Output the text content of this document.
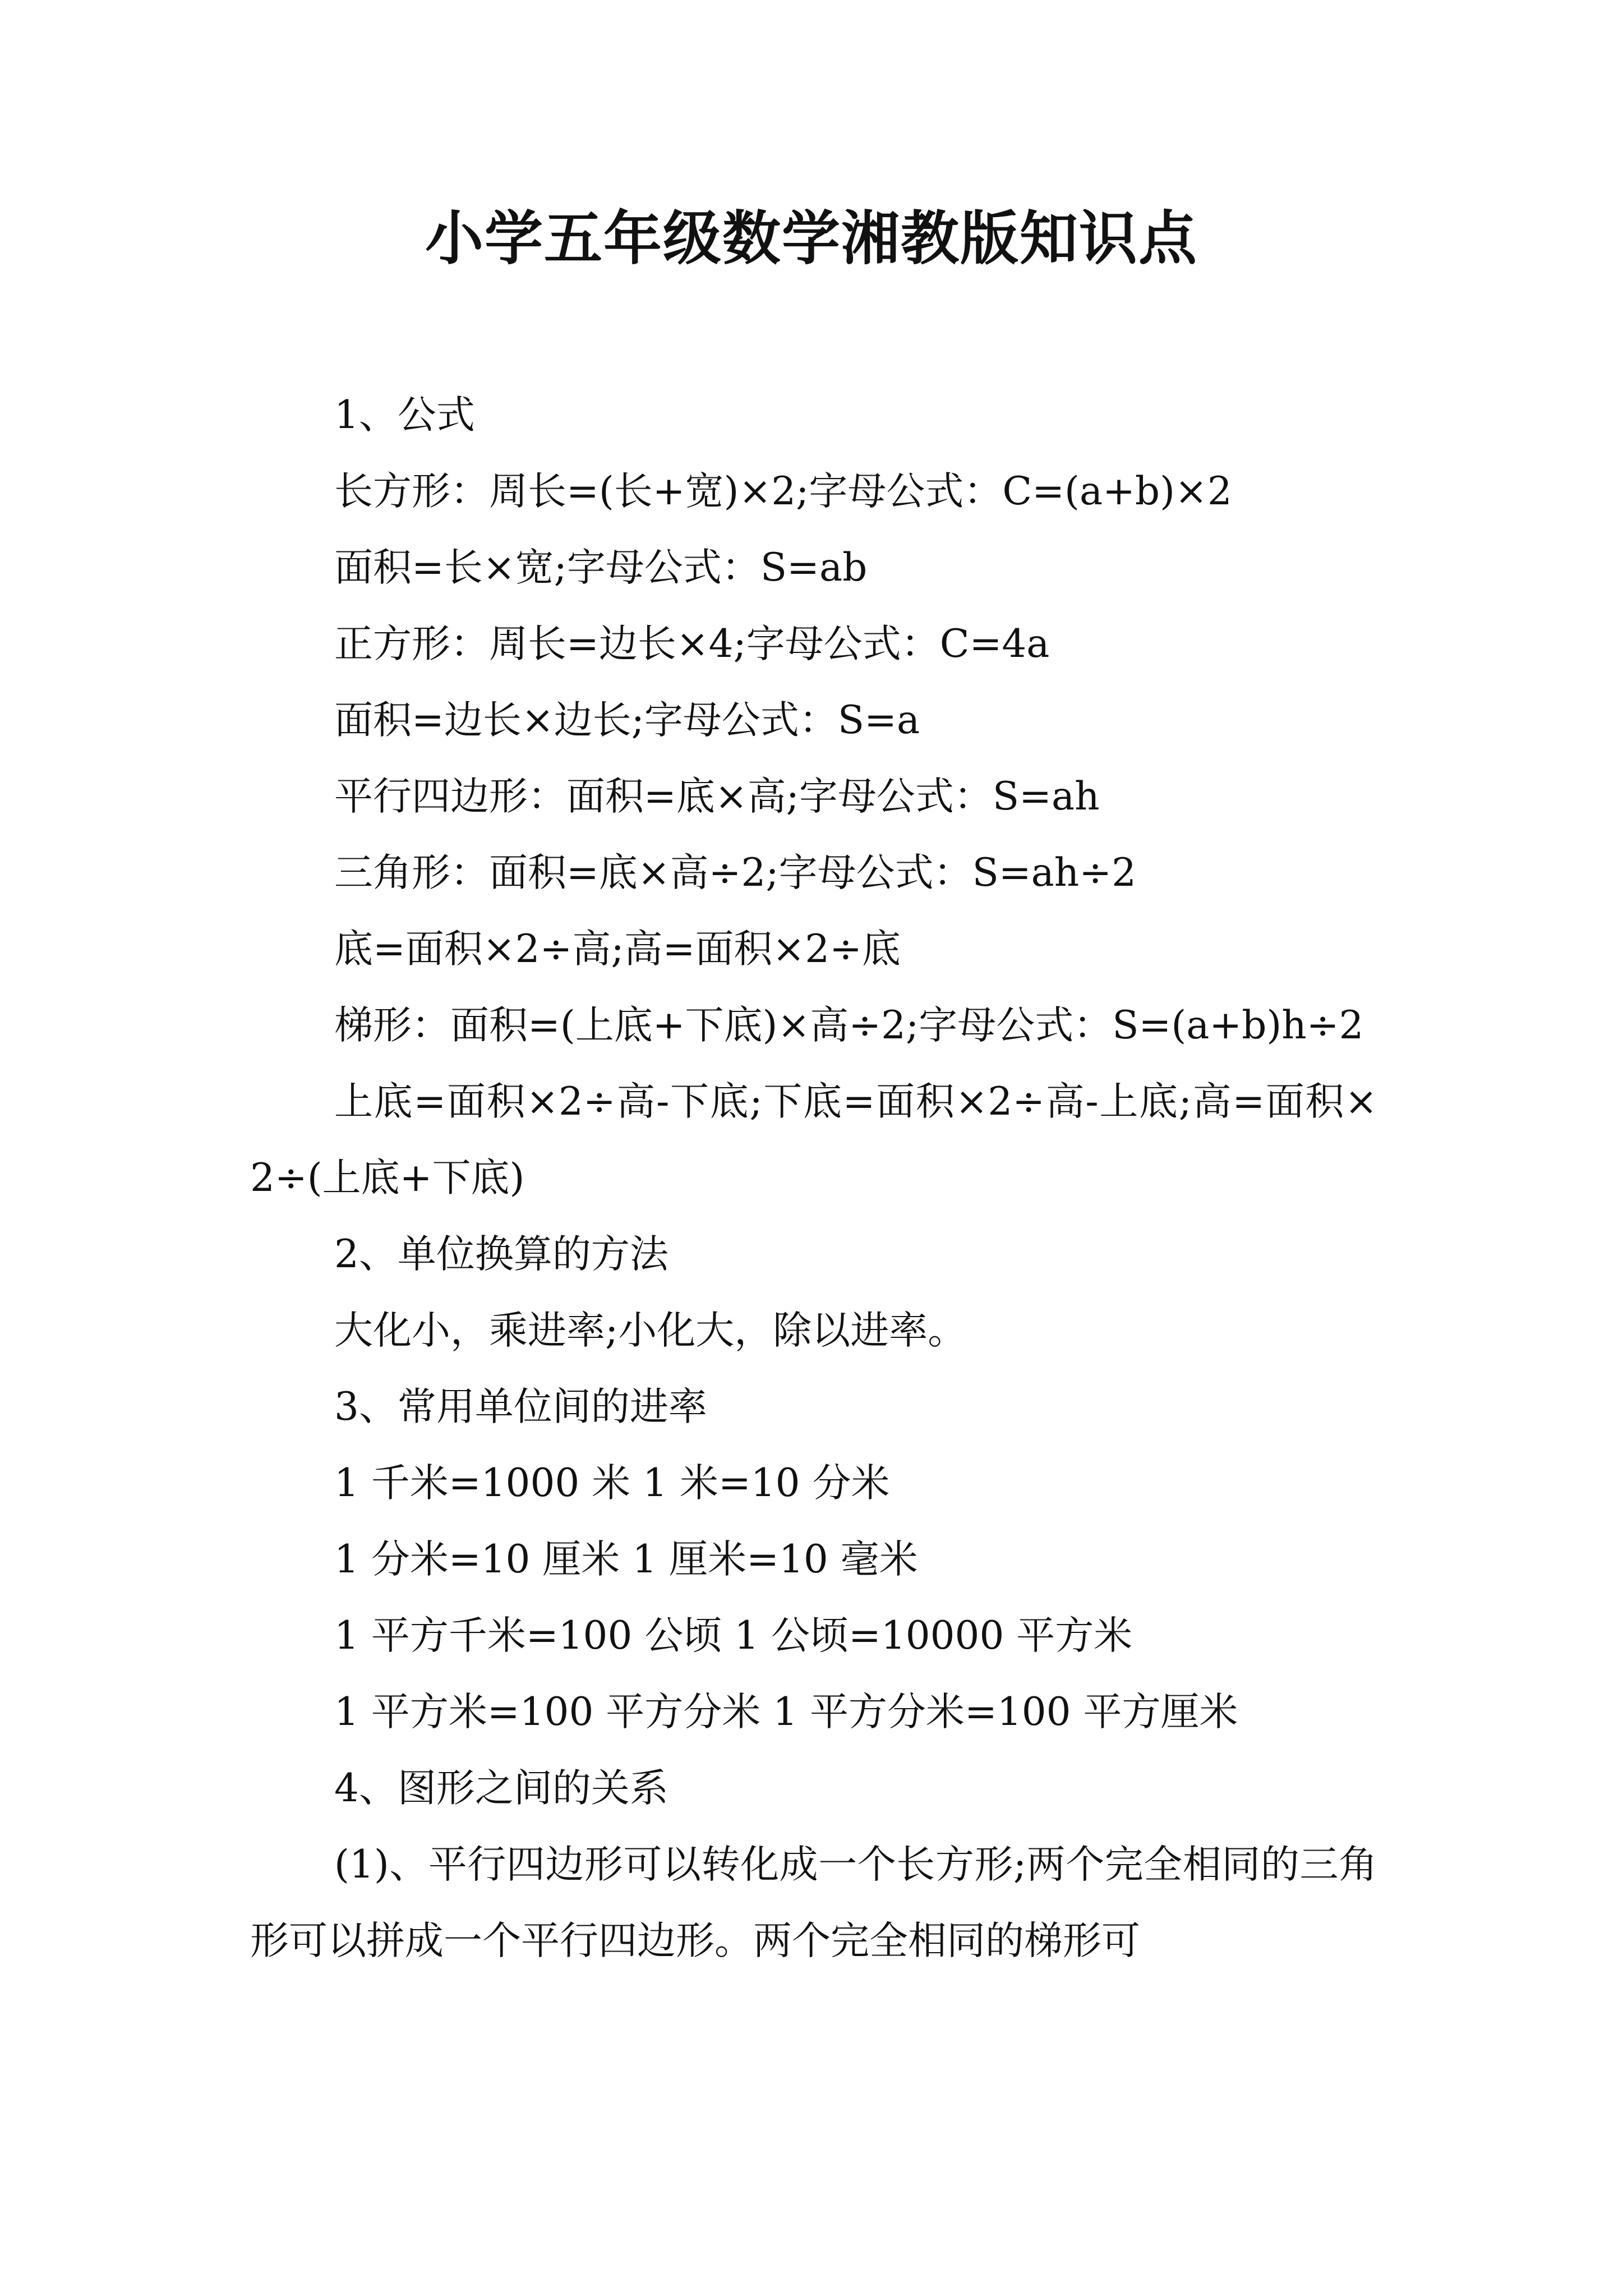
小学五年级数学湘教版知识点

1、公式

长方形：周长=(长+宽)×2;字母公式：C=(a+b)×2

面积=长×宽;字母公式：S=ab

正方形：周长=边长×4;字母公式：C=4a

面积=边长×边长;字母公式：S=a

平行四边形：面积=底×高;字母公式：S=ah

三角形：面积=底×高÷2;字母公式：S=ah÷2

底=面积×2÷高;高=面积×2÷底

梯形：面积=(上底+下底)×高÷2;字母公式：S=(a+b)h÷2

上底=面积×2÷高-下底;下底=面积×2÷高-上底;高=面积×2÷(上底+下底)

2、单位换算的方法

大化小，乘进率;小化大，除以进率。

3、常用单位间的进率

1 千米=1000 米 1 米=10 分米

1 分米=10 厘米 1 厘米=10 毫米

1 平方千米=100 公顷 1 公顷=10000 平方米

1 平方米=100 平方分米 1 平方分米=100 平方厘米

4、图形之间的关系

(1)、平行四边形可以转化成一个长方形;两个完全相同的三角形可以拼成一个平行四边形。两个完全相同的梯形可
